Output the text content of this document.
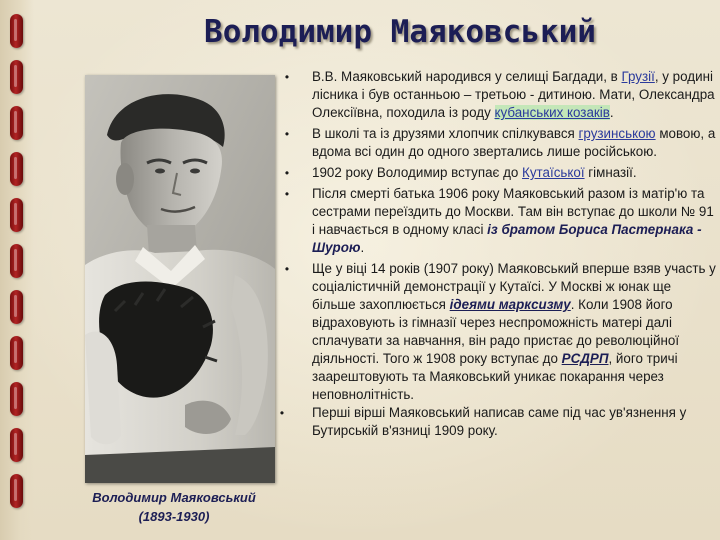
Володимир Маяковський

Володимир Маяковський
(1893-1930)

• В.В. Маяковський народився у селищі Багдади, в Грузії, у родині лісника і був останньою – третьою - дитиною. Мати, Олександра Олексіївна, походила із роду кубанських козаків.
• В школі та із друзями хлопчик спілкувався грузинською мовою, а вдома всі один до одного звертались лише російською.
• 1902 року Володимир вступає до Кутаїської гімназії.
• Після смерті батька 1906 року Маяковський разом із матір'ю та сестрами переїздить до Москви. Там він вступає до школи № 91 і навчається в одному класі із братом Бориса Пастернака - Шурою.
• Ще у віці 14 років (1907 року) Маяковський вперше взяв участь у соціалістичній демонстрації у Кутаїсі. У Москві ж юнак ще більше захоплюється ідеями марксизму. Коли 1908 його відраховують із гімназії через неспроможність матері далі сплачувати за навчання, він радо пристає до революційної діяльності. Того ж 1908 року вступає до РСДРП, його тричі заарештовують та Маяковський уникає покарання через неповнолітність.
• Перші вірші Маяковський написав саме під час ув'язнення у Бутирській в'язниці 1909 року.
